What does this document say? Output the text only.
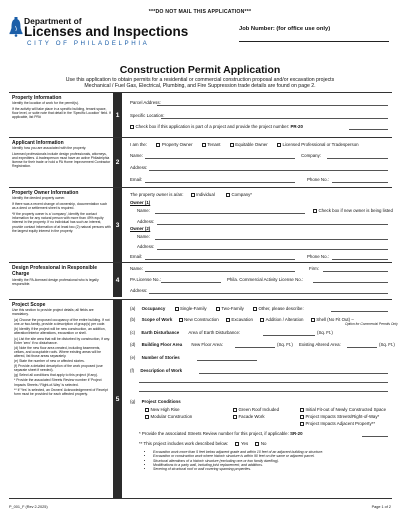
***DO NOT MAIL THIS APPLICATION***
Department of
Licenses and Inspections
CITY OF PHILADELPHIA
Job Number: (for office use only)
Construction Permit Application
Use this application to obtain permits for a residential or commercial construction proposal and/or excavation projects
Mechanical / Fuel Gas, Electrical, Plumbing, and Fire Suppression trade details are found on page 2.
Property Information
Identify the location of work for the permit(s).
If the activity will take place in a specific building, tenant space, floor level, or suite note that detail in the 'Specific Location' field. If applicable, list PR#	1
Parcel Address:
Specific Location:
Check box if this application is part of a project and provide the project number: PR-20
Applicant Information
Identify how you are associated with the property.
Licensed professionals include design professionals, attorneys, and expediters. A tradesperson must have an active Philadelphia license for their trade or hold a PA Home Improvement Contractor Registration.
2
I am the:	Property Owner	Tenant	Equitable Owner	Licensed Professional or Tradesperson
Name:	Company:
Address:
Email:	Phone No.:
Property Owner Information
Identify the deeded property owner.
If there was a recent change of ownership, documentation such as a deed or settlement sheet is required.
*If the property owner is a 'company', identify the contact information for any natural person with more than 49% equity interest in the property. If no individual has such an interest, provide contact information of at least two (2) natural persons with the largest equity interest in the property.
3
The property owner is a/an:	Individual	Company*
Owner (1)
Name:	Check box if new owner is being listed
Address:
Owner (2)
Name:
Address:
Email:	Phone No.:
Design Professional in Responsible Charge
Identify the PA-licensed design professional who is legally responsible.
4
Name:	Firm:
PA License No.:	Phila. Commercial Activity License No.:
Address:
Project Scope
Use this section to provide project details; all fields are mandatory.
(a) Choose the proposed occupancy of the entire building. If not one-or two-family, provide a description of group(s) per code.
(b) Identify if the project will be new construction, an addition, alteration/interior alterations, excavation or shell.
(c) List the site area that will be disturbed by construction, if any. Enter 'zero' if no disturbance.
(d) Note the new floor area created, including basements, cellars, and occupiable roofs. Where existing areas will be altered, list those areas separately.
(e) State the number of new or affected stories.
(f) Provide a detailed description of the work proposed (use separate sheet if needed).
(g) Select all conditions that apply to this project (if any).
* Provide the associated Streets Review number if 'Project Impacts Streets / Right-of-Way' is selected.
** If 'Yes' is selected, an Owners' Acknowledgement of Receipt form must be provided for each affected property.
5
(a) Occupancy	Single-Family	Two-Family	Other, please describe:
(b) Scope of Work	New Construction	Excavation	Addition / Alteration	Shell (No Fit Out) –
Option for Commercial Permits Only
(c) Earth Disturbance Area of Earth Disturbance:	(Sq. Ft.)
(d) Building Floor Area New Floor Area:	(Sq. Ft.) Existing Altered Area:	(Sq. Ft.)
(e) Number of Stories
(f) Description of Work
(g) Project Conditions
New High Rise
Modular Construction
Green Roof Included
Facade Work
Initial Fit-out of Newly Constructed Space
Project Impacts Streets/Right-of-Way*
Project Impacts Adjacent Property**
* Provide the associated Streets Review number for this project, if applicable: SR-20
** This project includes work described below:	Yes	No
• Excavation work more than 5 feet below adjacent grade and within 10 feet of an adjacent building or structure.
• Excavation or construction work where historic structure is within 90 feet on the same or adjacent parcel.
• Structural alterations of a historic structure (excluding one-or two family dwelling).
• Modifications to a party wall, including joist replacement, and additions.
• Severing of structural roof or wall covering spanning properties.
P_001_F (Rev 2-2025)	Page 1 of 2
